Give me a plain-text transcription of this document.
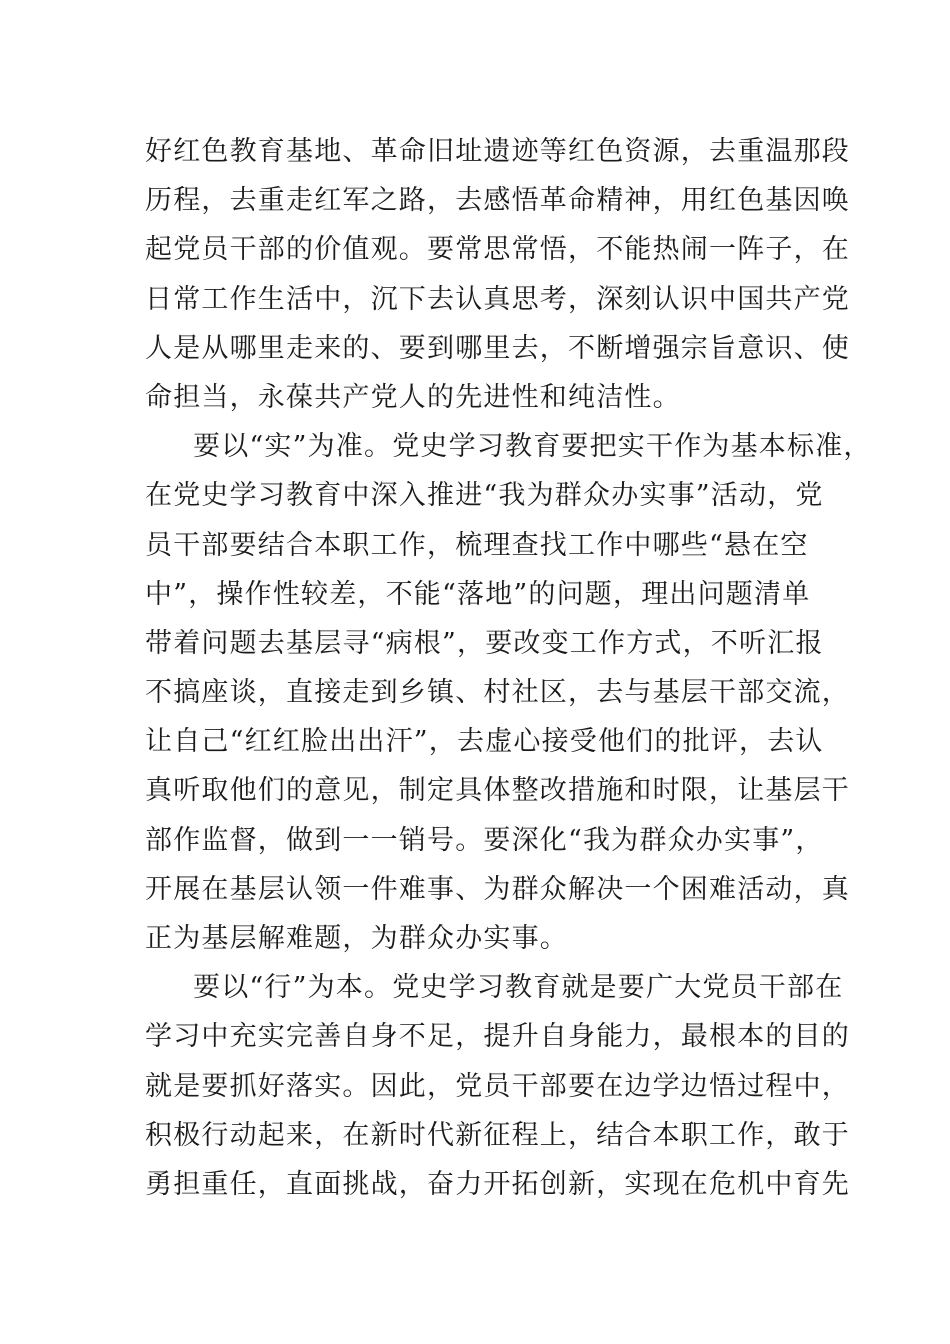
好红色教育基地、革命旧址遗迹等红色资源，去重温那段
历程，去重走红军之路，去感悟革命精神，用红色基因唤
起党员干部的价值观。要常思常悟，不能热闹一阵子，在
日常工作生活中，沉下去认真思考，深刻认识中国共产党
人是从哪里走来的、要到哪里去，不断增强宗旨意识、使
命担当，永葆共产党人的先进性和纯洁性。
要以“实”为准。党史学习教育要把实干作为基本标准，
在党史学习教育中深入推进“我为群众办实事”活动，党
员干部要结合本职工作，梳理查找工作中哪些“悬在空
中”，操作性较差，不能“落地”的问题，理出问题清单
带着问题去基层寻“病根”，要改变工作方式，不听汇报
不搞座谈，直接走到乡镇、村社区，去与基层干部交流，
让自己“红红脸出出汗”，去虚心接受他们的批评，去认
真听取他们的意见，制定具体整改措施和时限，让基层干
部作监督，做到一一销号。要深化“我为群众办实事”，
开展在基层认领一件难事、为群众解决一个困难活动，真
正为基层解难题，为群众办实事。
要以“行”为本。党史学习教育就是要广大党员干部在
学习中充实完善自身不足，提升自身能力，最根本的目的
就是要抓好落实。因此，党员干部要在边学边悟过程中，
积极行动起来，在新时代新征程上，结合本职工作，敢于
勇担重任，直面挑战，奋力开拓创新，实现在危机中育先
